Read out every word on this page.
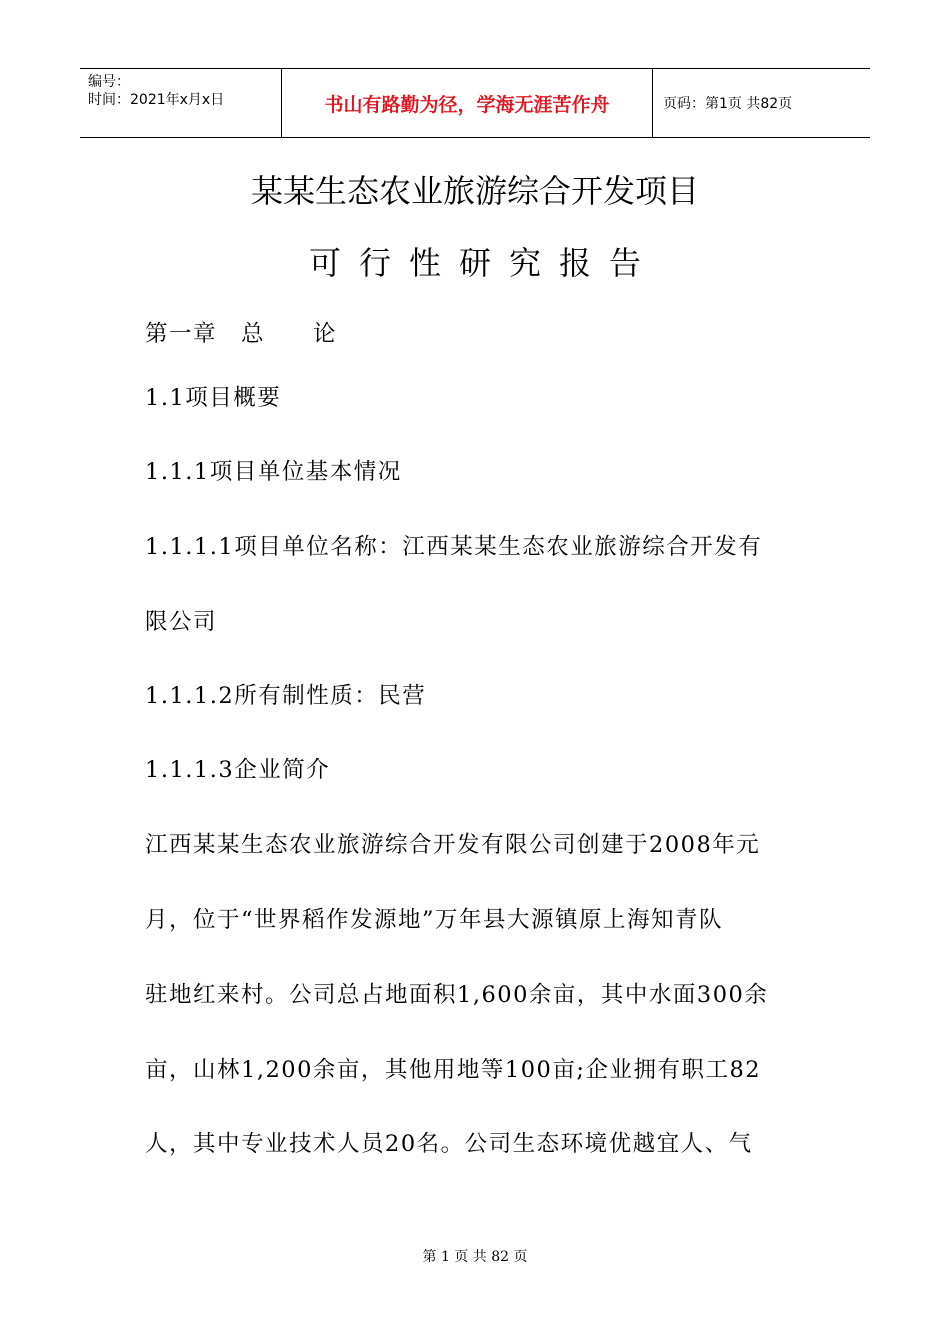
编号：
时间：2021年x月x日	书山有路勤为径，学海无涯苦作舟	页码：第1页 共82页
某某生态农业旅游综合开发项目
可行性研究报告
第一章　总　　论
1.1项目概要
1.1.1项目单位基本情况
1.1.1.1项目单位名称：江西某某生态农业旅游综合开发有
限公司
1.1.1.2所有制性质：民营
1.1.1.3企业简介
江西某某生态农业旅游综合开发有限公司创建于2008年元
月，位于“世界稻作发源地”万年县大源镇原上海知青队
驻地红来村。公司总占地面积1,600余亩，其中水面300余
亩，山林1,200余亩，其他用地等100亩;企业拥有职工82
人，其中专业技术人员20名。公司生态环境优越宜人、气
第 1 页 共 82 页
